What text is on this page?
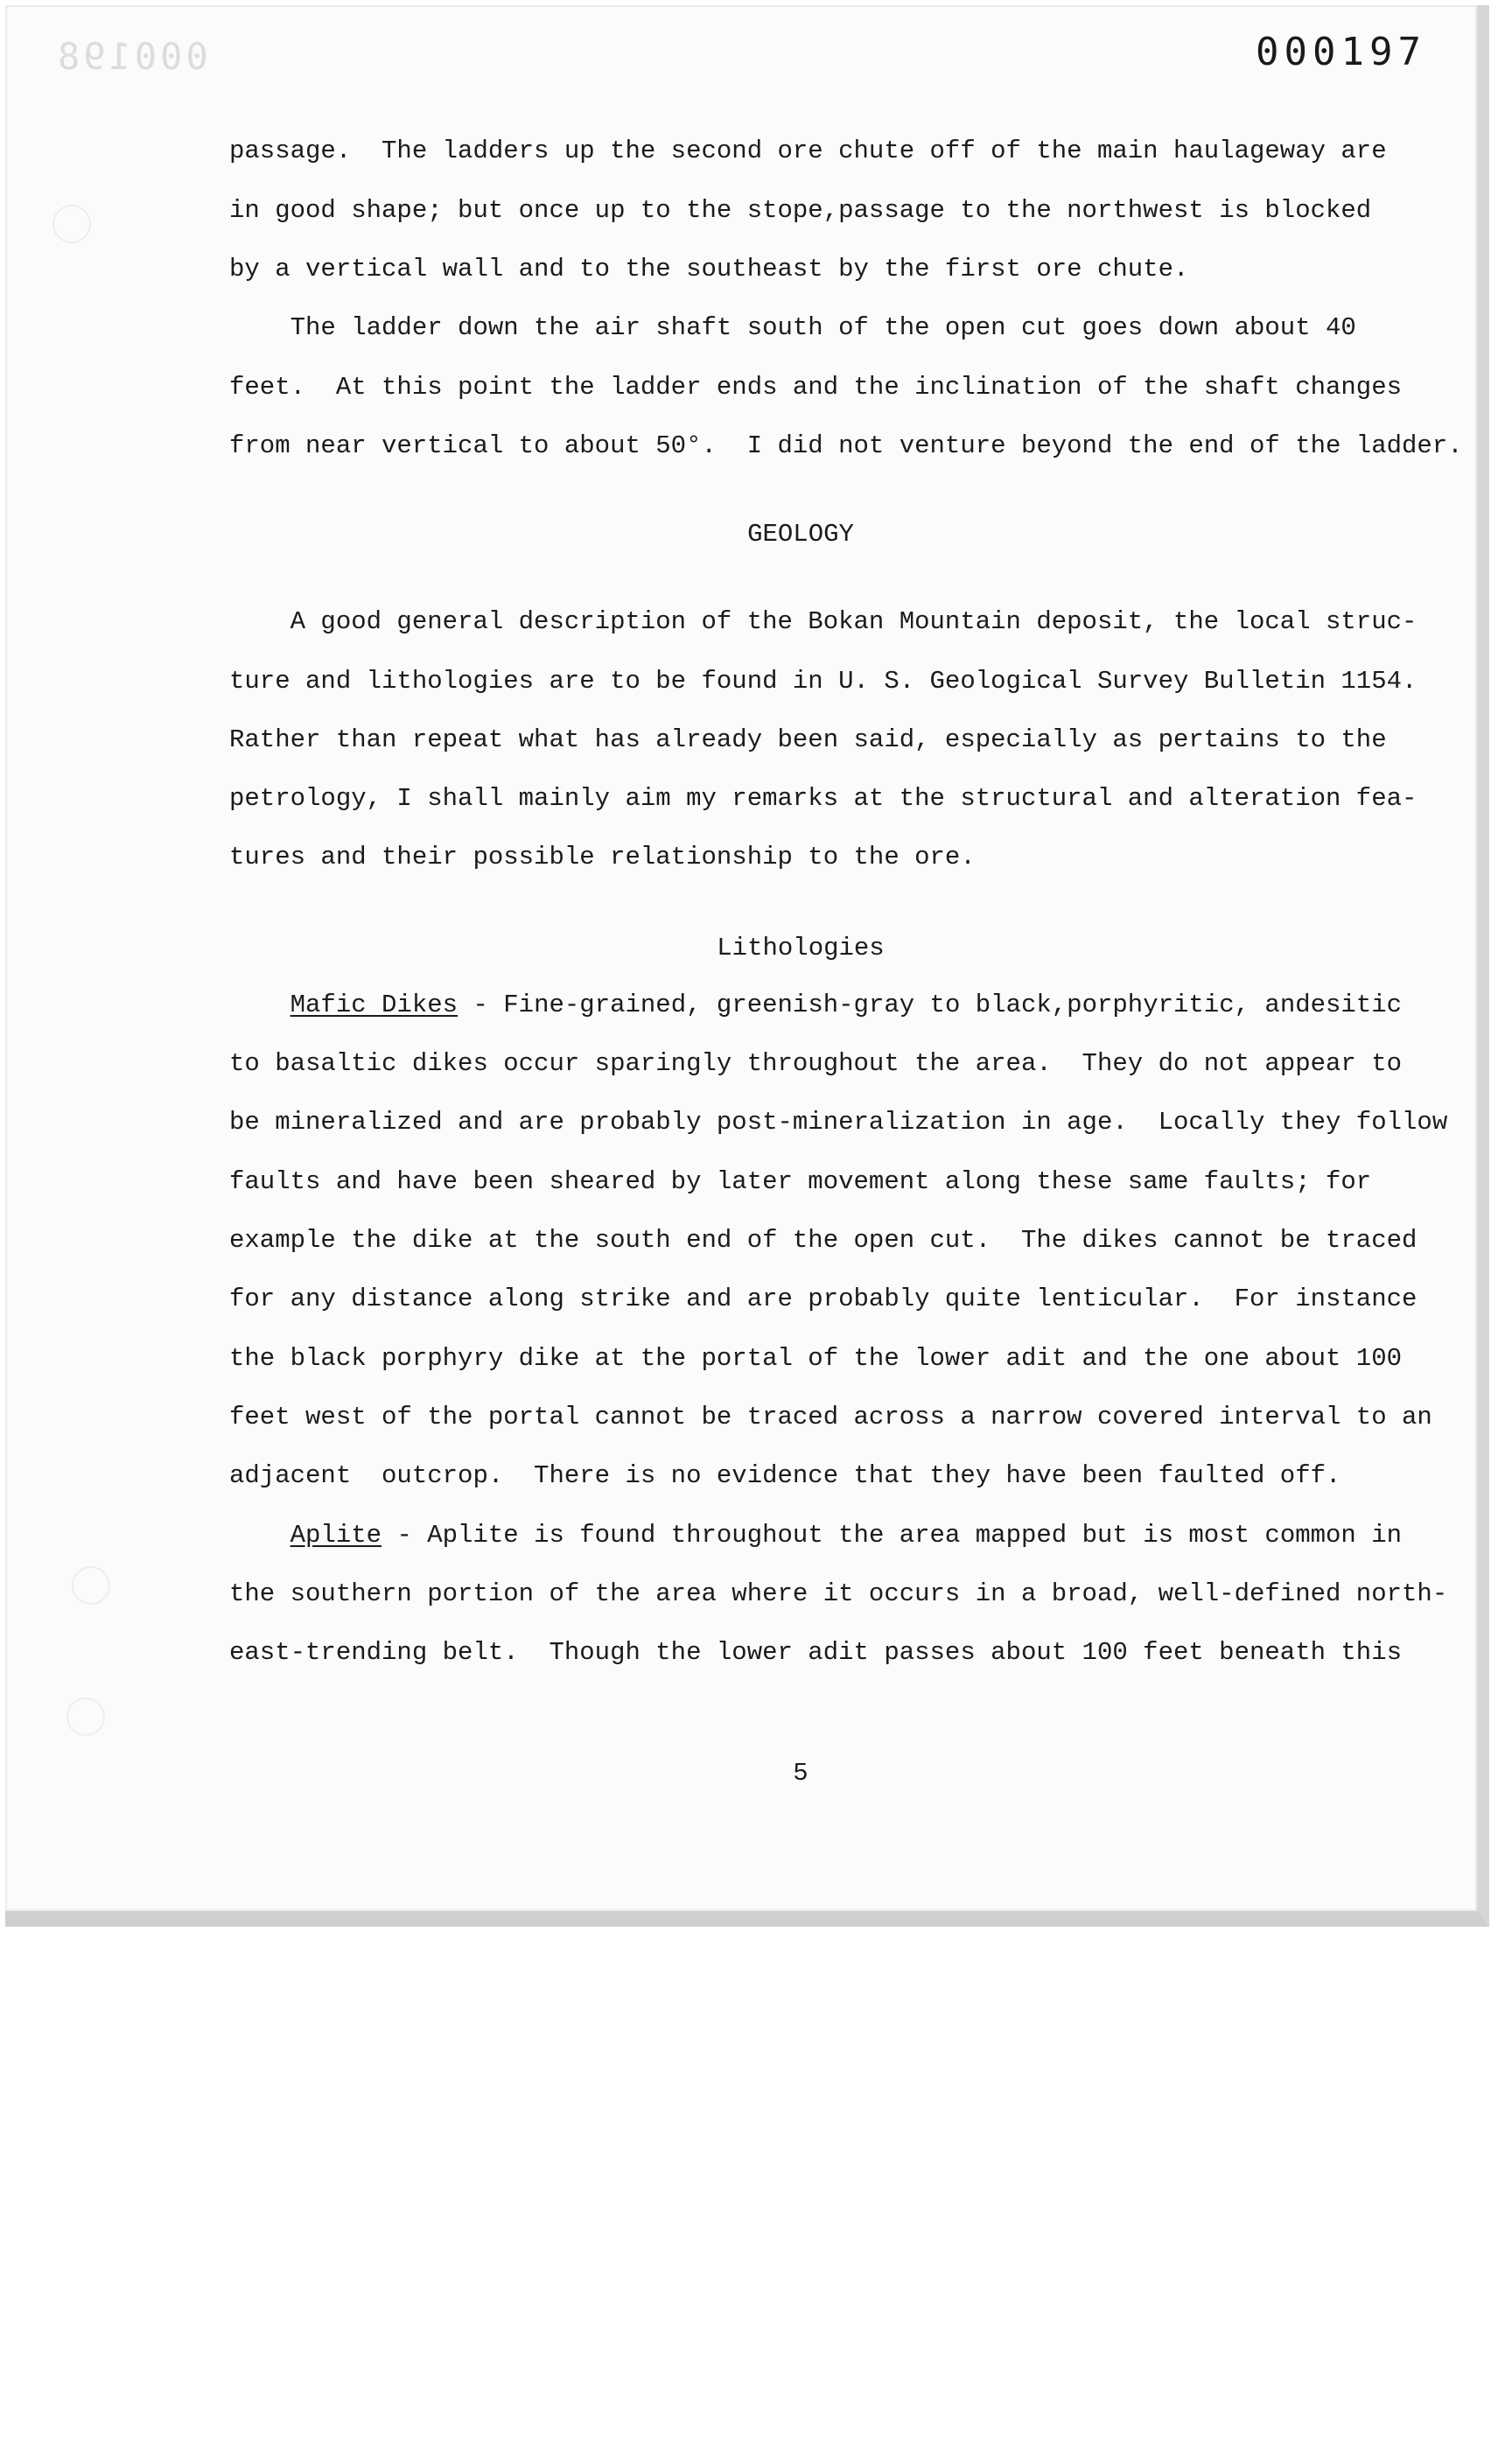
000198	000197
passage.  The ladders up the second ore chute off of the main haulageway are
in good shape; but once up to the stope,passage to the northwest is blocked
by a vertical wall and to the southeast by the first ore chute.
The ladder down the air shaft south of the open cut goes down about 40
feet.  At this point the ladder ends and the inclination of the shaft changes
from near vertical to about 50°.  I did not venture beyond the end of the ladder.
GEOLOGY
A good general description of the Bokan Mountain deposit, the local struc-
ture and lithologies are to be found in U. S. Geological Survey Bulletin 1154.
Rather than repeat what has already been said, especially as pertains to the
petrology, I shall mainly aim my remarks at the structural and alteration fea-
tures and their possible relationship to the ore.
Lithologies
Mafic Dikes - Fine-grained, greenish-gray to black,porphyritic, andesitic
to basaltic dikes occur sparingly throughout the area.  They do not appear to
be mineralized and are probably post-mineralization in age.  Locally they follow
faults and have been sheared by later movement along these same faults; for
example the dike at the south end of the open cut.  The dikes cannot be traced
for any distance along strike and are probably quite lenticular.  For instance
the black porphyry dike at the portal of the lower adit and the one about 100
feet west of the portal cannot be traced across a narrow covered interval to an
adjacent  outcrop.  There is no evidence that they have been faulted off.
Aplite - Aplite is found throughout the area mapped but is most common in
the southern portion of the area where it occurs in a broad, well-defined north-
east-trending belt.  Though the lower adit passes about 100 feet beneath this
5
